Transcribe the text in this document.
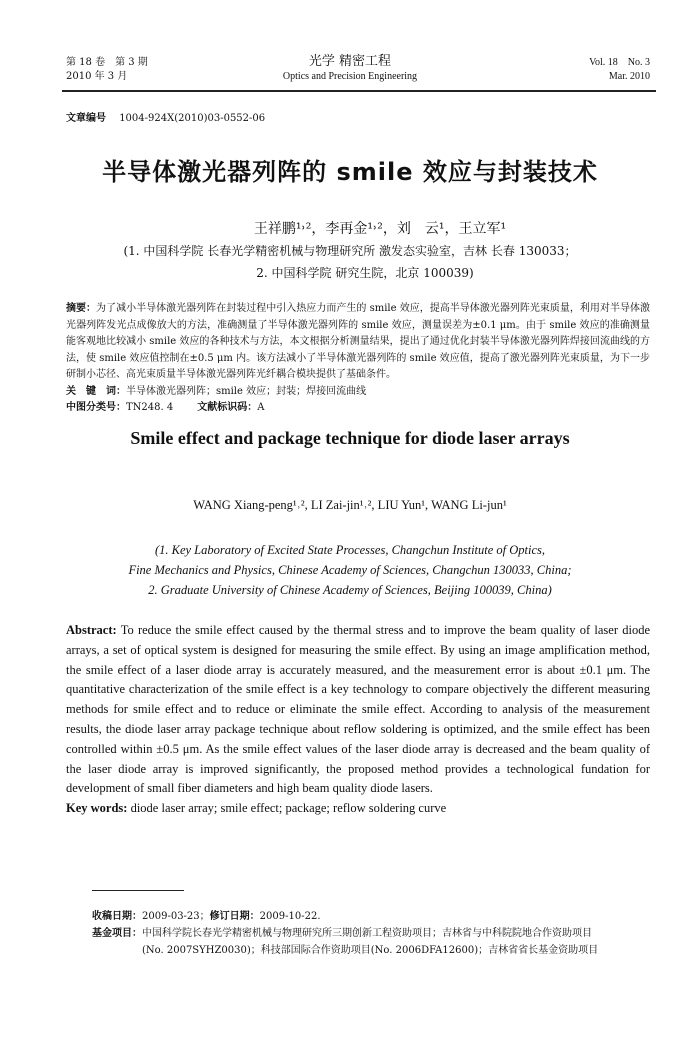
第 18 卷　第 3 期
2010 年 3 月
光学 精密工程
Optics and Precision Engineering
Vol. 18　No. 3
Mar. 2010
文章编号 1004-924X(2010)03-0552-06
半导体激光器列阵的 smile 效应与封装技术
王祥鹏¹˒²，李再金¹˒²，刘　云¹，王立军¹
(1. 中国科学院 长春光学精密机械与物理研究所 激发态实验室，吉林 长春 130033；
2. 中国科学院 研究生院，北京 100039)

摘要：为了减小半导体激光器列阵在封装过程中引入热应力而产生的 smile 效应，提高半导体激光器列阵光束质量，利用对半导体激光器列阵发光点成像放大的方法，准确测量了半导体激光器列阵的 smile 效应，测量误差为±0.1 μm。由于 smile 效应的准确测量能客观地比较减小 smile 效应的各种技术与方法，本文根据分析测量结果，提出了通过优化封装半导体激光器列阵焊接回流曲线的方法，使 smile 效应值控制在±0.5 μm 内。该方法减小了半导体激光器列阵的 smile 效应值，提高了激光器列阵光束质量，为下一步研制小芯径、高光束质量半导体激光器列阵光纤耦合模块提供了基础条件。

关　键　词：半导体激光器列阵；smile 效应；封装；焊接回流曲线

中图分类号：TN248. 4 文献标识码：A

Smile effect and package technique for diode laser arrays
WANG Xiang-peng¹˒², LI Zai-jin¹˒², LIU Yun¹, WANG Li-jun¹
(1. Key Laboratory of Excited State Processes, Changchun Institute of Optics,
Fine Mechanics and Physics, Chinese Academy of Sciences, Changchun 130033, China;
2. Graduate University of Chinese Academy of Sciences, Beijing 100039, China)

Abstract: To reduce the smile effect caused by the thermal stress and to improve the beam quality of laser diode arrays, a set of optical system is designed for measuring the smile effect. By using an image amplification method, the smile effect of a laser diode array is accurately measured, and the measurement error is about ±0.1 μm. The quantitative characterization of the smile effect is a key technology to compare objectively the different measuring methods for smile effect and to reduce or eliminate the smile effect. According to analysis of the measurement results, the diode laser array package technique about reflow soldering is optimized, and the smile effect has been controlled within ±0.5 μm. As the smile effect values of the laser diode array is decreased and the beam quality of the laser diode array is improved significantly, the proposed method provides a technological fundation for development of small fiber diameters and high beam quality diode lasers.

Key words: diode laser array; smile effect; package; reflow soldering curve

收稿日期：2009-03-23；修订日期：2009-10-22.
基金项目：中国科学院长春光学精密机械与物理研究所三期创新工程资助项目；吉林省与中科院院地合作资助项目
(No. 2007SYHZ0030)；科技部国际合作资助项目(No. 2006DFA12600)；吉林省省长基金资助项目
